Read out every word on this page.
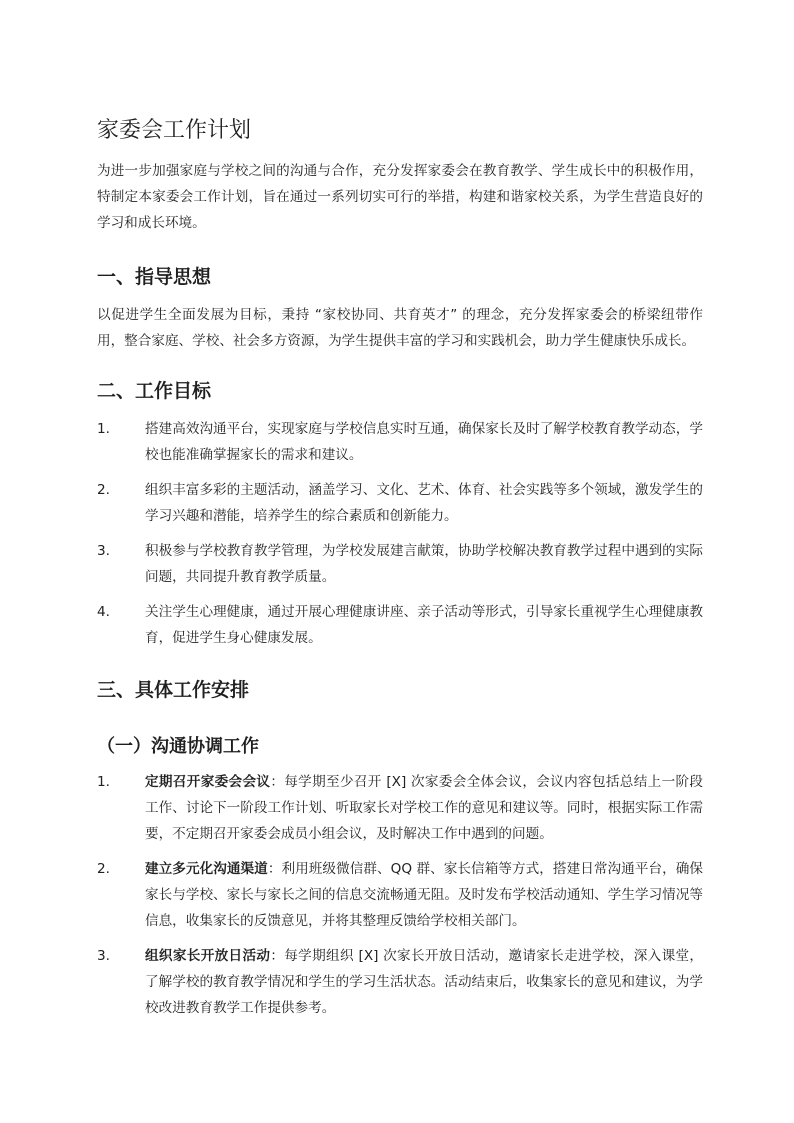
家委会工作计划

为进一步加强家庭与学校之间的沟通与合作，充分发挥家委会在教育教学、学生成长中的积极作用，特制定本家委会工作计划，旨在通过一系列切实可行的举措，构建和谐家校关系，为学生营造良好的学习和成长环境。

一、指导思想

以促进学生全面发展为目标，秉持 “家校协同、共育英才” 的理念，充分发挥家委会的桥梁纽带作用，整合家庭、学校、社会多方资源，为学生提供丰富的学习和实践机会，助力学生健康快乐成长。

二、工作目标
1.	搭建高效沟通平台，实现家庭与学校信息实时互通，确保家长及时了解学校教育教学动态，学校也能准确掌握家长的需求和建议。
2.	组织丰富多彩的主题活动，涵盖学习、文化、艺术、体育、社会实践等多个领域，激发学生的学习兴趣和潜能，培养学生的综合素质和创新能力。
3.	积极参与学校教育教学管理，为学校发展建言献策，协助学校解决教育教学过程中遇到的实际问题，共同提升教育教学质量。
4.	关注学生心理健康，通过开展心理健康讲座、亲子活动等形式，引导家长重视学生心理健康教育，促进学生身心健康发展。
三、具体工作安排
（一）沟通协调工作
1.	定期召开家委会会议：每学期至少召开 [X] 次家委会全体会议，会议内容包括总结上一阶段工作、讨论下一阶段工作计划、听取家长对学校工作的意见和建议等。同时，根据实际工作需要，不定期召开家委会成员小组会议，及时解决工作中遇到的问题。
2.	建立多元化沟通渠道：利用班级微信群、QQ 群、家长信箱等方式，搭建日常沟通平台，确保家长与学校、家长与家长之间的信息交流畅通无阻。及时发布学校活动通知、学生学习情况等信息，收集家长的反馈意见，并将其整理反馈给学校相关部门。
3.	组织家长开放日活动：每学期组织 [X] 次家长开放日活动，邀请家长走进学校，深入课堂，了解学校的教育教学情况和学生的学习生活状态。活动结束后，收集家长的意见和建议，为学校改进教育教学工作提供参考。
